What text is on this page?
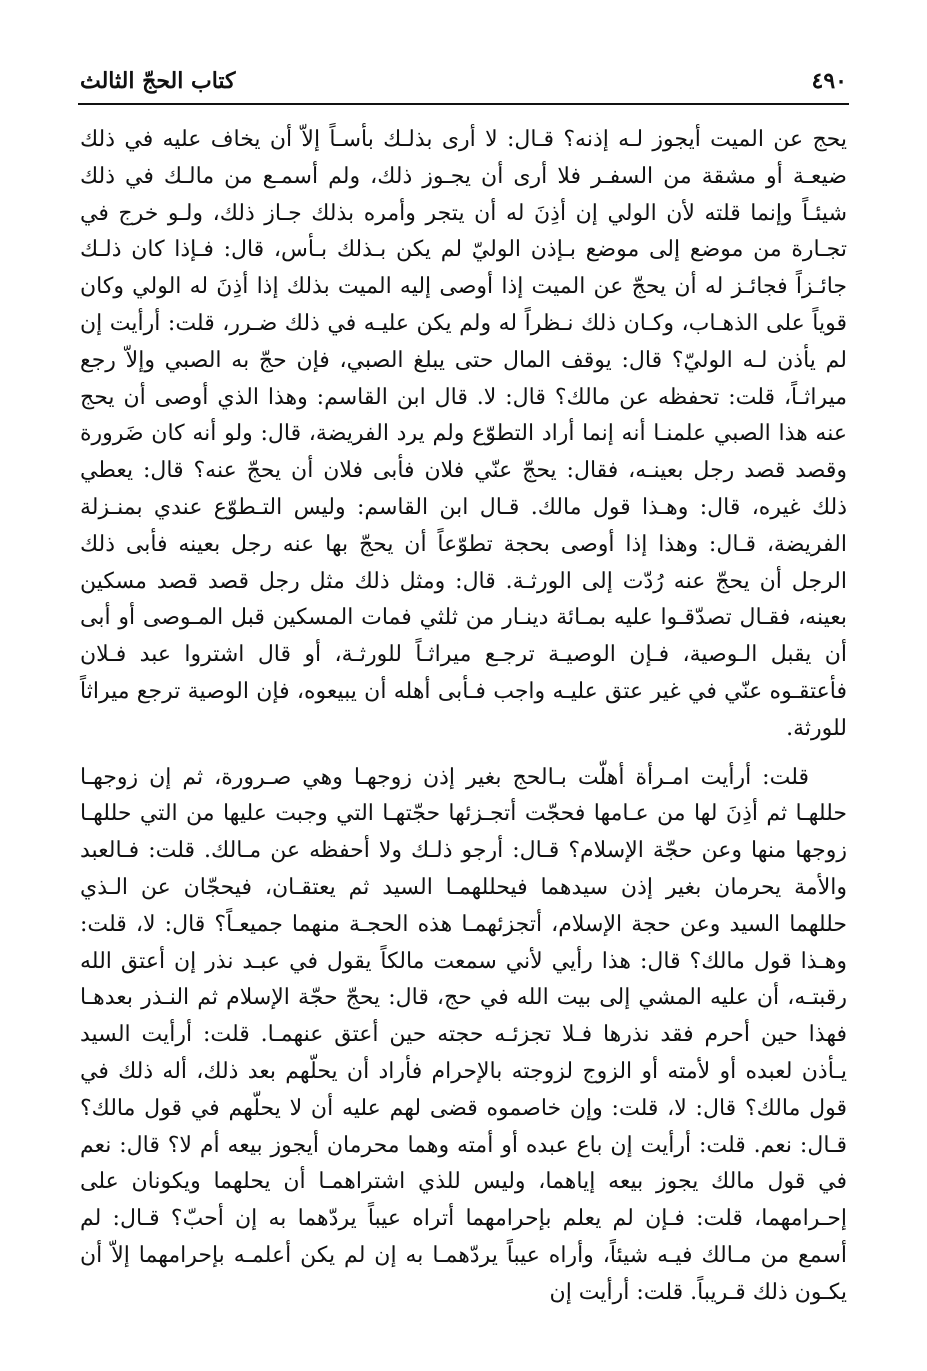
٤٩٠
كتاب الحجّ الثالث

يحج عن الميت أيجوز لـه إذنه؟ قـال: لا أرى بذلـك بأسـاً إلاّ أن يخاف عليه في ذلك ضيعـة أو مشقة من السفـر فلا أرى أن يجـوز ذلك، ولم أسمـع من مالـك في ذلك شيئـاً وإنما قلته لأن الولي إن أذِنَ له أن يتجر وأمره بذلك جـاز ذلك، ولـو خرج في تجـارة من موضع إلى موضع بـإذن الوليّ لم يكن بـذلك بـأس، قال: فـإذا كان ذلـك جائـزاً فجائـز له أن يحجّ عن الميت إذا أوصى إليه الميت بذلك إذا أذِنَ له الولي وكان قوياً على الذهـاب، وكـان ذلك نـظراً له ولم يكن عليـه في ذلك ضـرر، قلت: أرأيت إن لم يأذن لـه الوليّ؟ قال: يوقف المال حتى يبلغ الصبي، فإن حجّ به الصبي وإلاّ رجع ميراثـاً، قلت: تحفظه عن مالك؟ قال: لا. قال ابن القاسم: وهذا الذي أوصى أن يحج عنه هذا الصبي علمنـا أنه إنما أراد التطوّع ولم يرد الفريضة، قال: ولو أنه كان ضَرورة وقصد قصد رجل بعينـه، فقال: يحجّ عنّي فلان فأبى فلان أن يحجّ عنه؟ قال: يعطي ذلك غيره، قال: وهـذا قول مالك. قـال ابن القاسم: وليس التـطوّع عندي بمنـزلة الفريضة، قـال: وهذا إذا أوصى بحجة تطوّعاً أن يحجّ بها عنه رجل بعينه فأبى ذلك الرجل أن يحجّ عنه رُدّت إلى الورثـة. قال: ومثل ذلك مثل رجل قصد قصد مسكين بعينه، فقـال تصدّقـوا عليه بمـائة دينـار من ثلثي فمات المسكين قبل المـوصى أو أبى أن يقبل الـوصية، فـإن الوصيـة ترجـع ميراثـاً للورثـة، أو قال اشتروا عبد فـلان فأعتقـوه عنّي في غير عتق عليـه واجب فـأبى أهله أن يبيعوه، فإن الوصية ترجع ميراثاً للورثة.

قلت: أرأيت امـرأة أهلّت بـالحج بغير إذن زوجهـا وهي صـرورة، ثم إن زوجهـا حللهـا ثم أذِنَ لها من عـامها فحجّت أتجـزئها حجّتهـا التي وجبت عليها من التي حللهـا زوجها منها وعن حجّة الإسلام؟ قـال: أرجو ذلـك ولا أحفظه عن مـالك. قلت: فـالعبد والأمة يحرمان بغير إذن سيدهما فيحللهمـا السيد ثم يعتقـان، فيحجّان عن الـذي حللهما السيد وعن حجة الإسلام، أتجزئهمـا هذه الحجـة منهما جميعـاً؟ قال: لا، قلت: وهـذا قول مالك؟ قال: هذا رأيي لأني سمعت مالكاً يقول في عبـد نذر إن أعتق الله رقبتـه، أن عليه المشي إلى بيت الله في حج، قال: يحجّ حجّة الإسلام ثم النـذر بعدهـا فهذا حين أحرم فقد نذرها فـلا تجزئـه حجته حين أعتق عنهمـا. قلت: أرأيت السيد يـأذن لعبده أو لأمته أو الزوج لزوجته بالإحرام فأراد أن يحلّهم بعد ذلك، أله ذلك في قول مالك؟ قال: لا، قلت: وإن خاصموه قضى لهم عليه أن لا يحلّهم في قول مالك؟ قـال: نعم. قلت: أرأيت إن باع عبده أو أمته وهما محرمان أيجوز بيعه أم لا؟ قال: نعم في قول مالك يجوز بيعه إياهما، وليس للذي اشتراهمـا أن يحلهما ويكونان على إحـرامهما، قلت: فـإن لم يعلم بإحرامهما أتراه عيباً يردّهما به إن أحبّ؟ قـال: لم أسمع من مـالك فيـه شيئاً، وأراه عيباً يردّهمـا به إن لم يكن أعلمـه بإحرامهما إلاّ أن يكـون ذلك قـريباً. قلت: أرأيت إن
